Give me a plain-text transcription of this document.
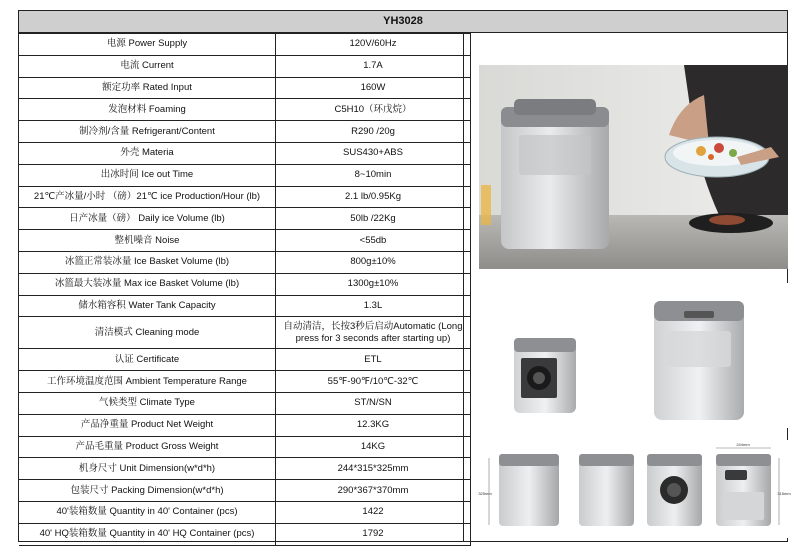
YH3028
电源 Power Supply	120V/60Hz
电流 Current	1.7A
额定功率 Rated Input	160W
发泡材料 Foaming	C5H10（环戊烷）
制冷剂/含量 Refrigerant/Content	R290 /20g
外壳 Materia	SUS430+ABS
出冰时间 Ice out Time	8~10min
21℃产冰量/小时 （磅）21℃ ice Production/Hour (lb)	2.1 lb/0.95Kg
日产冰量（磅） Daily ice Volume (lb)	50lb /22Kg
整机噪音 Noise	<55db
冰篮正常装冰量 Ice Basket Volume (lb)	800g±10%
冰篮最大装冰量 Max ice Basket Volume (lb)	1300g±10%
储水箱容积 Water Tank Capacity	1.3L
清洁模式 Cleaning mode	自动清洁，长按3秒后启动Automatic (Long press for 3 seconds after starting up)
认证 Certificate	ETL
工作环境温度范围 Ambient Temperature Range	55℉-90℉/10℃-32℃
气候类型 Climate Type	ST/N/SN
产品净重量 Product Net Weight	12.3KG
产品毛重量 Product Gross Weight	14KG
机身尺寸 Unit Dimension(w*d*h)	244*315*325mm
包装尺寸 Packing Dimension(w*d*h)	290*367*370mm
40'装箱数量 Quantity in 40' Container (pcs)	1422
40' HQ装箱数量 Quantity in 40' HQ Container (pcs)	1792
244mm
325mm	315mm
